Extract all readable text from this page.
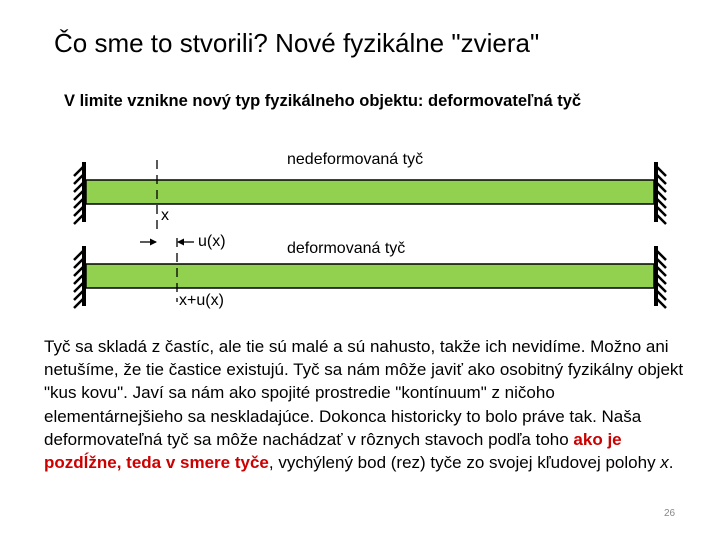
Čo sme to stvorili? Nové fyzikálne "zviera"
V limite vznikne nový typ fyzikálneho objektu: deformovateľná tyč
nedeformovaná tyč
x
u(x)	deformovaná tyč
x+u(x)
Tyč sa skladá z častíc, ale tie sú malé a sú nahusto, takže ich nevidíme. Možno ani netušíme, že tie častice existujú. Tyč sa nám môže javiť ako osobitný fyzikálny objekt "kus kovu". Javí sa nám ako spojité prostredie "kontínuum" z ničoho elementárnejšieho sa neskladajúce. Dokonca historicky to bolo práve tak. Naša deformovateľná tyč sa môže nachádzať v rôznych stavoch podľa toho ako je pozdĺžne, teda v smere tyče, vychýlený bod (rez) tyče zo svojej kľudovej polohy x.
26
